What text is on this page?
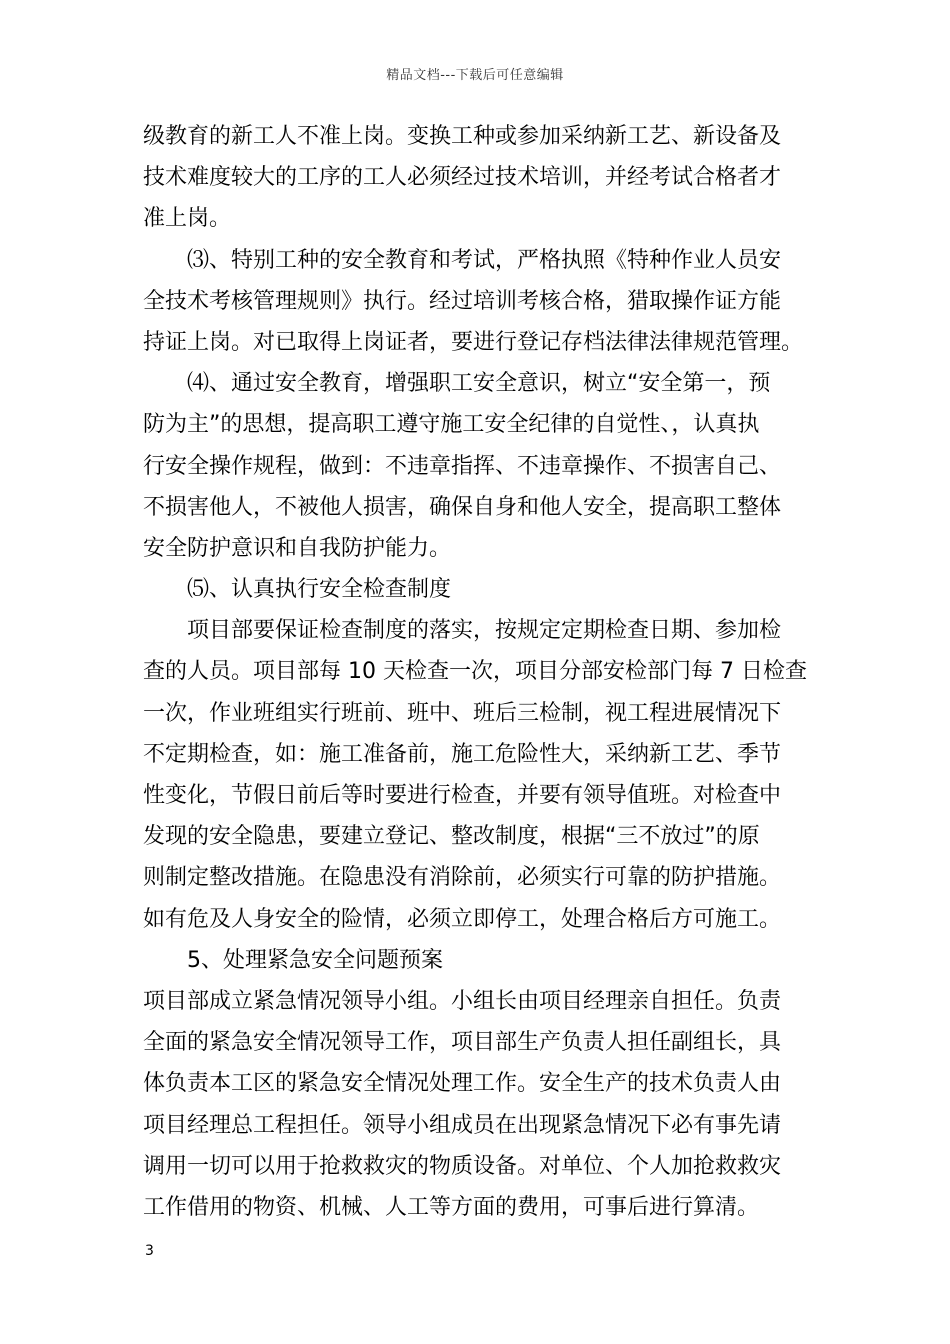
精品文档---下载后可任意编辑
级教育的新工人不准上岗。变换工种或参加采纳新工艺、新设备及
技术难度较大的工序的工人必须经过技术培训，并经考试合格者才
准上岗。
⑶、特别工种的安全教育和考试，严格执照《特种作业人员安
全技术考核管理规则》执行。经过培训考核合格，猎取操作证方能
持证上岗。对已取得上岗证者，要进行登记存档法律法律规范管理。
⑷、通过安全教育，增强职工安全意识，树立“安全第一，预
防为主”的思想，提高职工遵守施工安全纪律的自觉性、，认真执
行安全操作规程，做到：不违章指挥、不违章操作、不损害自己、
不损害他人，不被他人损害，确保自身和他人安全，提高职工整体
安全防护意识和自我防护能力。
⑸、认真执行安全检查制度
项目部要保证检查制度的落实，按规定定期检查日期、参加检
查的人员。项目部每 10 天检查一次，项目分部安检部门每 7 日检查
一次，作业班组实行班前、班中、班后三检制，视工程进展情况下
不定期检查，如：施工准备前，施工危险性大，采纳新工艺、季节
性变化，节假日前后等时要进行检查，并要有领导值班。对检查中
发现的安全隐患，要建立登记、整改制度，根据“三不放过”的原
则制定整改措施。在隐患没有消除前，必须实行可靠的防护措施。
如有危及人身安全的险情，必须立即停工，处理合格后方可施工。
5、处理紧急安全问题预案
项目部成立紧急情况领导小组。小组长由项目经理亲自担任。负责
全面的紧急安全情况领导工作，项目部生产负责人担任副组长，具
体负责本工区的紧急安全情况处理工作。安全生产的技术负责人由
项目经理总工程担任。领导小组成员在出现紧急情况下必有事先请
调用一切可以用于抢救救灾的物质设备。对单位、个人加抢救救灾
工作借用的物资、机械、人工等方面的费用，可事后进行算清。
3
